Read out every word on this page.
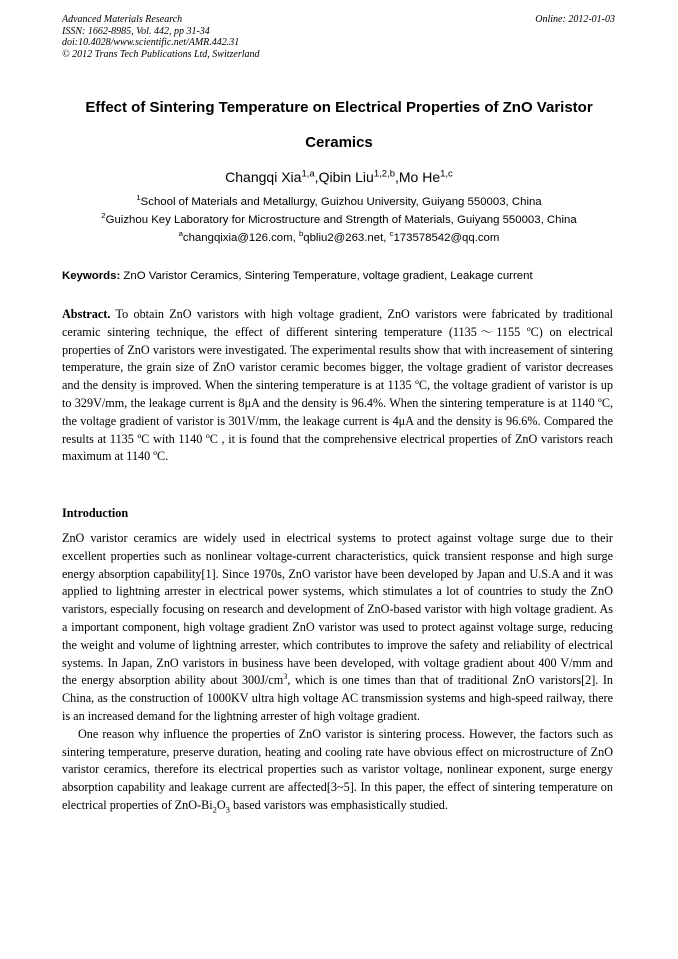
Advanced Materials Research
ISSN: 1662-8985, Vol. 442, pp 31-34
doi:10.4028/www.scientific.net/AMR.442.31
© 2012 Trans Tech Publications Ltd, Switzerland
Online: 2012-01-03
Effect of Sintering Temperature on Electrical Properties of ZnO Varistor Ceramics
Changqi Xia$^{1,a}$,Qibin Liu$^{1,2,b}$,Mo He$^{1,c}$
$^1$School of Materials and Metallurgy, Guizhou University, Guiyang 550003, China
$^2$Guizhou Key Laboratory for Microstructure and Strength of Materials, Guiyang 550003, China
$^a$changqixia@126.com, $^b$qbliu2@263.net, $^c$173578542@qq.com
Keywords: ZnO Varistor Ceramics, Sintering Temperature, voltage gradient, Leakage current
Abstract. To obtain ZnO varistors with high voltage gradient, ZnO varistors were fabricated by traditional ceramic sintering technique, the effect of different sintering temperature (1135～1155 ºC) on electrical properties of ZnO varistors were investigated. The experimental results show that with increasement of sintering temperature, the grain size of ZnO varistor ceramic becomes bigger, the voltage gradient of varistor decreases and the density is improved. When the sintering temperature is at 1135 ºC, the voltage gradient of varistor is up to 329V/mm, the leakage current is 8μA and the density is 96.4%. When the sintering temperature is at 1140 ºC, the voltage gradient of varistor is 301V/mm, the leakage current is 4μA and the density is 96.6%. Compared the results at 1135 ºC with 1140 ºC , it is found that the comprehensive electrical properties of ZnO varistors reach maximum at 1140 ºC.
Introduction

ZnO varistor ceramics are widely used in electrical systems to protect against voltage surge due to their excellent properties such as nonlinear voltage-current characteristics, quick transient response and high surge energy absorption capability[1]. Since 1970s, ZnO varistor have been developed by Japan and U.S.A and it was applied to lightning arrester in electrical power systems, which stimulates a lot of countries to study the ZnO varistors, especially focusing on research and development of ZnO-based varistor with high voltage gradient. As a important component, high voltage gradient ZnO varistor was used to protect against voltage surge, reducing the weight and volume of lightning arrester, which contributes to improve the safety and reliability of electrical systems. In Japan, ZnO varistors in business have been developed, with voltage gradient about 400 V/mm and the energy absorption ability about $300J/cm^3$, which is one times than that of traditional ZnO varistors[2]. In China, as the construction of 1000KV ultra high voltage AC transmission systems and high-speed railway, there is an increased demand for the lightning arrester of high voltage gradient.

One reason why influence the properties of ZnO varistor is sintering process. However, the factors such as sintering temperature, preserve duration, heating and cooling rate have obvious effect on microstructure of ZnO varistor ceramics, therefore its electrical properties such as varistor voltage, nonlinear exponent, surge energy absorption capability and leakage current are affected[3~5]. In this paper, the effect of sintering temperature on electrical properties of ZnO-$Bi_2O_3$ based varistors was emphasistically studied.
